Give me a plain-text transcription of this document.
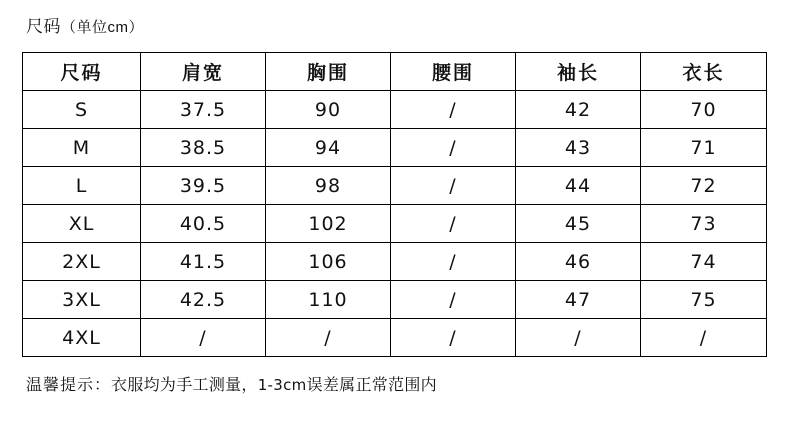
尺码（单位cm）
尺码	肩宽	胸围	腰围	袖长	衣长
S	37.5	90	/	42	70
M	38.5	94	/	43	71
L	39.5	98	/	44	72
XL	40.5	102	/	45	73
2XL	41.5	106	/	46	74
3XL	42.5	110	/	47	75
4XL	/	/	/	/	/
温馨提示：衣服均为手工测量，1-3cm误差属正常范围内
